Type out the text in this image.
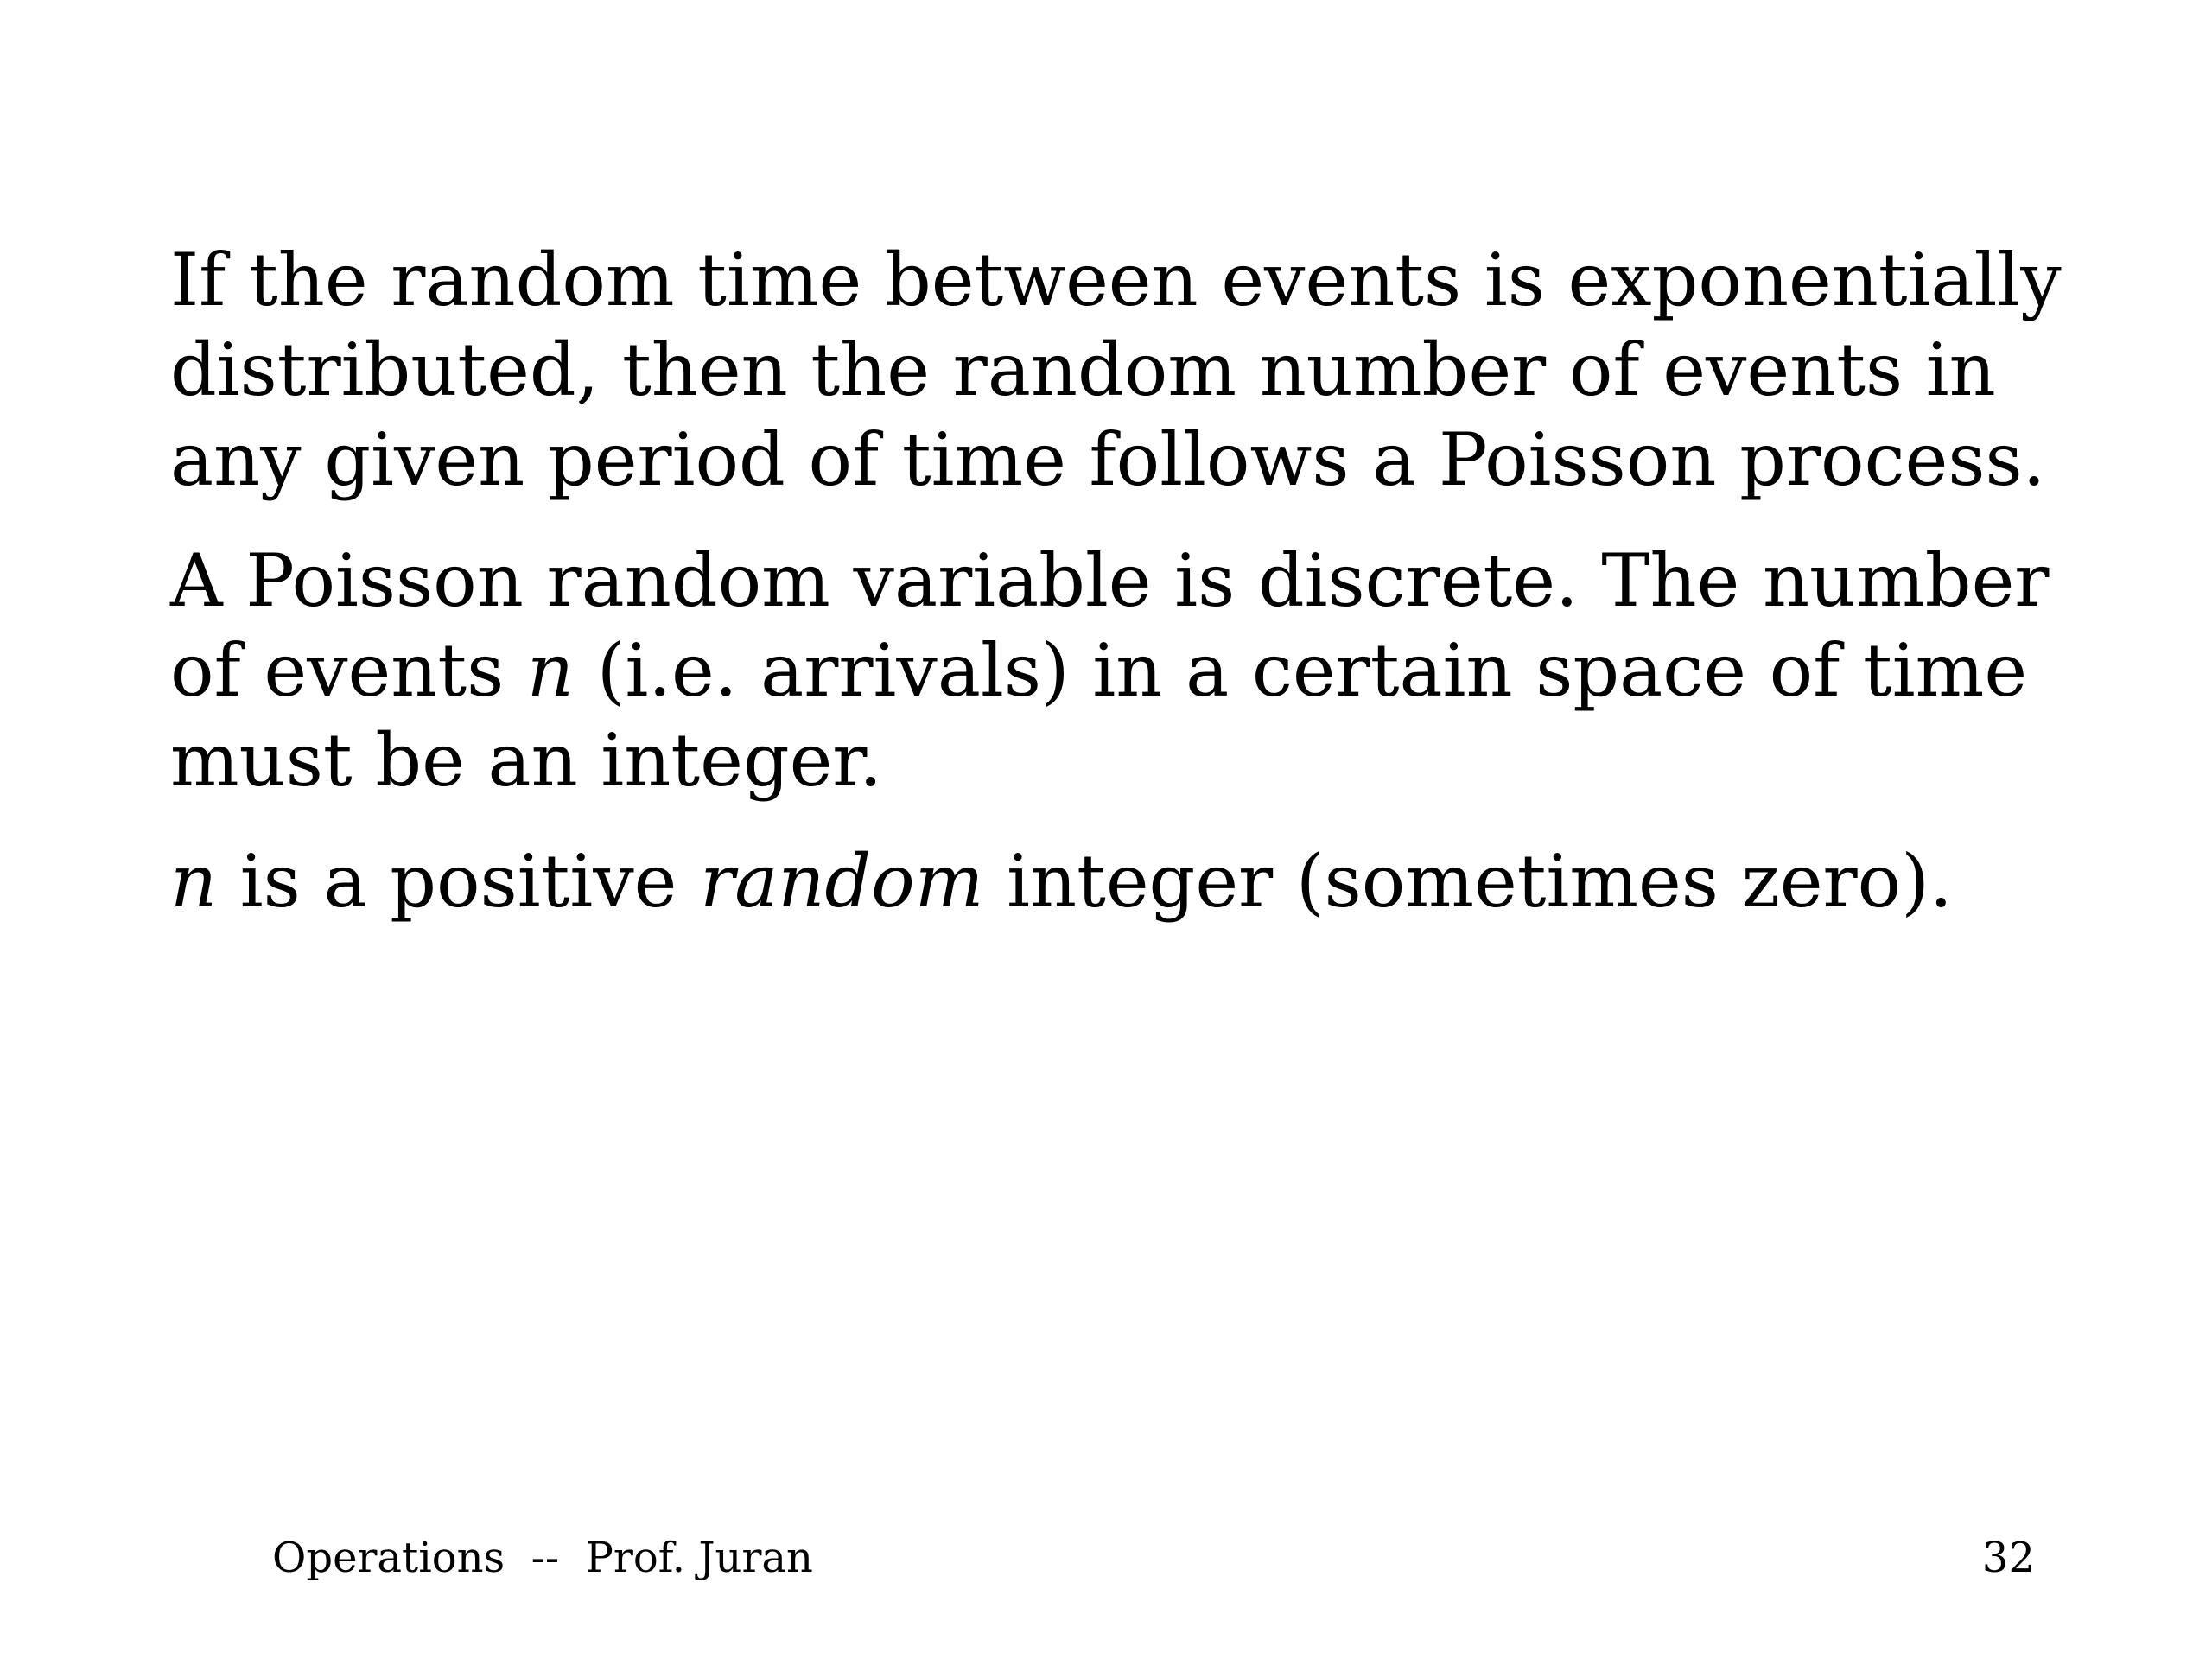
If the random time between events is exponentially distributed, then the random number of events in any given period of time follows a Poisson process.

A Poisson random variable is discrete. The number of events n (i.e. arrivals) in a certain space of time must be an integer.

n is a positive random integer (sometimes zero).

Operations  --  Prof. Juran	32
